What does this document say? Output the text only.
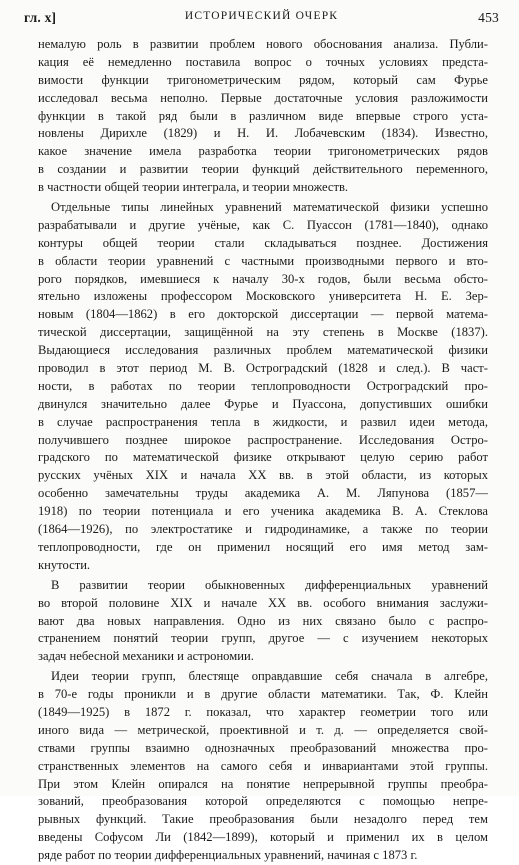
гл. x]	ИСТОРИЧЕСКИЙ ОЧЕРК	453
немалую роль в развитии проблем нового обоснования анализа. Публи-
кация её немедленно поставила вопрос о точных условиях предста-
вимости функции тригонометрическим рядом, который сам Фурье
исследовал весьма неполно. Первые достаточные условия разложимости
функции в такой ряд были в различном виде впервые строго уста-
новлены Дирихле (1829) и Н. И. Лобачевским (1834). Известно,
какое значение имела разработка теории тригонометрических рядов
в создании и развитии теории функций действительного переменного,
в частности общей теории интеграла, и теории множеств.
Отдельные типы линейных уравнений математической физики успешно
разрабатывали и другие учёные, как С. Пуассон (1781—1840), однако
контуры общей теории стали складываться позднее. Достижения
в области теории уравнений с частными производными первого и вто-
рого порядков, имевшиеся к началу 30-х годов, были весьма обсто-
ятельно изложены профессором Московского университета Н. Е. Зер-
новым (1804—1862) в его докторской диссертации — первой матема-
тической диссертации, защищённой на эту степень в Москве (1837).
Выдающиеся исследования различных проблем математической физики
проводил в этот период М. В. Остроградский (1828 и след.). В част-
ности, в работах по теории теплопроводности Остроградский про-
двинулся значительно далее Фурье и Пуассона, допустивших ошибки
в случае распространения тепла в жидкости, и развил идеи метода,
получившего позднее широкое распространение. Исследования Остро-
градского по математической физике открывают целую серию работ
русских учёных XIX и начала XX вв. в этой области, из которых
особенно замечательны труды академика А. М. Ляпунова (1857—
1918) по теории потенциала и его ученика академика В. А. Стеклова
(1864—1926), по электростатике и гидродинамике, а также по теории
теплопроводности, где он применил носящий его имя метод зам-
кнутости.
В развитии теории обыкновенных дифференциальных уравнений
во второй половине XIX и начале XX вв. особого внимания заслужи-
вают два новых направления. Одно из них связано было с распро-
странением понятий теории групп, другое — с изучением некоторых
задач небесной механики и астрономии.
Идеи теории групп, блестяще оправдавшие себя сначала в алгебре,
в 70-е годы проникли и в другие области математики. Так, Ф. Клейн
(1849—1925) в 1872 г. показал, что характер геометрии того или
иного вида — метрической, проективной и т. д. — определяется свой-
ствами группы взаимно однозначных преобразований множества про-
странственных элементов на самого себя и инвариантами этой группы.
При этом Клейн опирался на понятие непрерывной группы преобра-
зований, преобразования которой определяются с помощью непре-
рывных функций. Такие преобразования были незадолго перед тем
введены Софусом Ли (1842—1899), который и применил их в целом
ряде работ по теории дифференциальных уравнений, начиная с 1873 г.
